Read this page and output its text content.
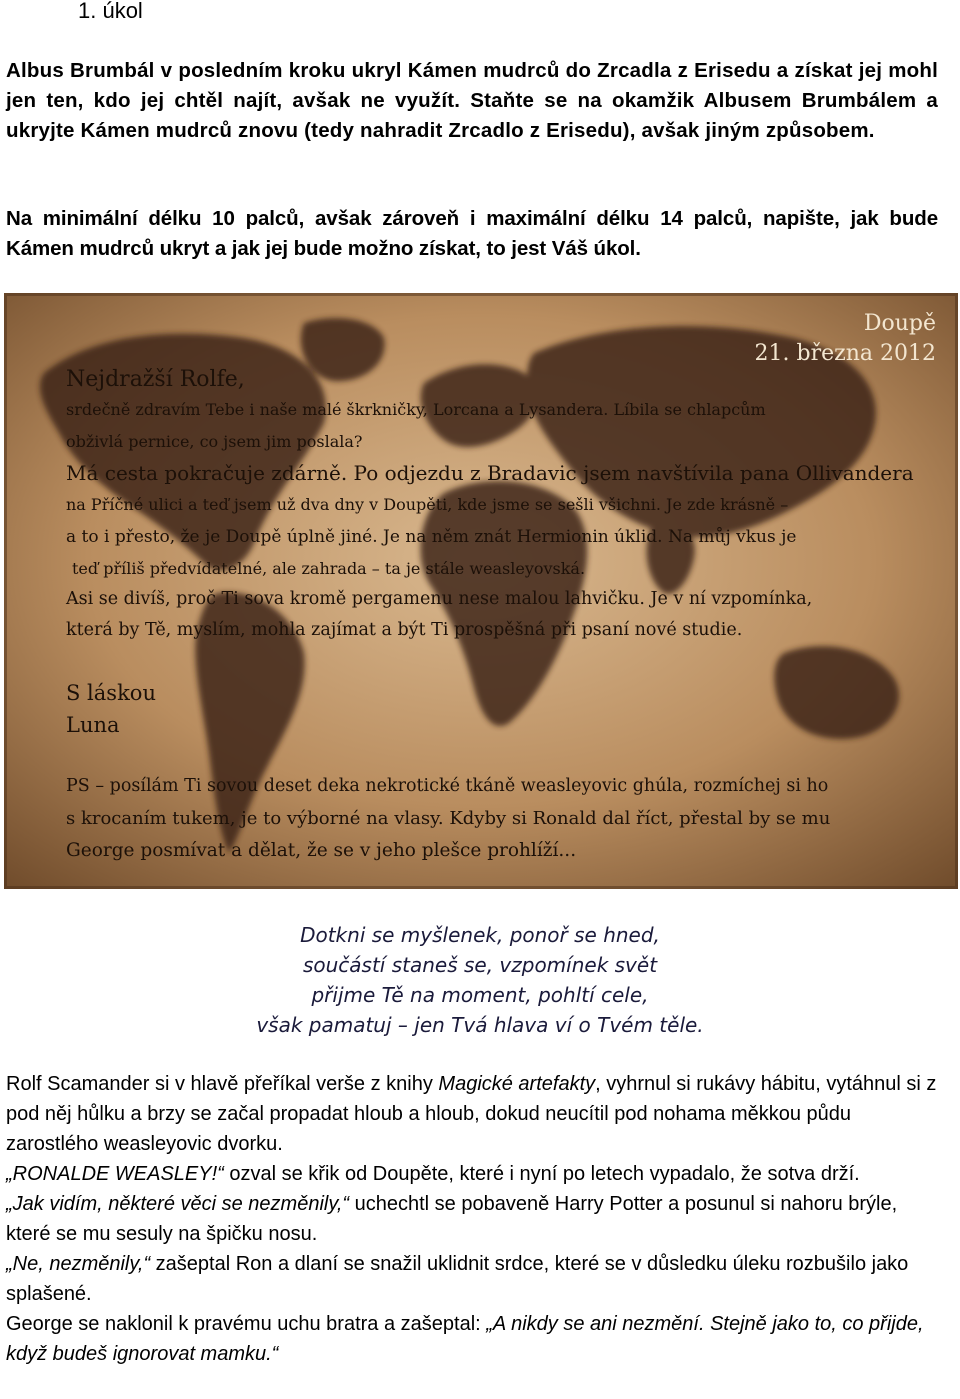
1. úkol
Albus Brumbál v posledním kroku ukryl Kámen mudrců do Zrcadla z Erisedu a získat jej mohl jen ten, kdo jej chtěl najít, avšak ne využít. Staňte se na okamžik Albusem Brumbálem a ukryjte Kámen mudrců znovu (tedy nahradit Zrcadlo z Erisedu), avšak jiným způsobem.
Na minimální délku 10 palců, avšak zároveň i maximální délku 14 palců, napište, jak bude Kámen mudrců ukryt a jak jej bude možno získat, to jest Váš úkol.
Doupě
21. března 2012
Nejdražší Rolfe,
srdečně zdravím Tebe i naše malé škrkničky, Lorcana a Lysandera. Líbila se chlapcům
obživlá pernice, co jsem jim poslala?
Má cesta pokračuje zdárně. Po odjezdu z Bradavic jsem navštívila pana Ollivandera
na Příčné ulici a teď jsem už dva dny v Doupěti, kde jsme se sešli všichni. Je zde krásně –
a to i přesto, že je Doupě úplně jiné. Je na něm znát Hermionin úklid. Na můj vkus je
teď příliš předvídatelné, ale zahrada – ta je stále weasleyovská.
Asi se divíš, proč Ti sova kromě pergamenu nese malou lahvičku. Je v ní vzpomínka,
která by Tě, myslím, mohla zajímat a být Ti prospěšná při psaní nové studie.
S láskou
Luna
PS – posílám Ti sovou deset deka nekrotické tkáně weasleyovic ghúla, rozmíchej si ho
s krocaním tukem, je to výborné na vlasy. Kdyby si Ronald dal říct, přestal by se mu
George posmívat a dělat, že se v jeho plešce prohlíží...
Dotkni se myšlenek, ponoř se hned,
součástí staneš se, vzpomínek svět
přijme Tě na moment, pohltí cele,
však pamatuj – jen Tvá hlava ví o Tvém těle.

Rolf Scamander si v hlavě přeříkal verše z knihy Magické artefakty, vyhrnul si rukávy hábitu, vytáhnul si z pod něj hůlku a brzy se začal propadat hloub a hloub, dokud neucítil pod nohama měkkou půdu zarostlého weasleyovic dvorku.

„RONALDE WEASLEY!“ ozval se křik od Doupěte, které i nyní po letech vypadalo, že sotva drží.

„Jak vidím, některé věci se nezměnily,“ uchechtl se pobaveně Harry Potter a posunul si nahoru brýle, které se mu sesuly na špičku nosu.

„Ne, nezměnily,“ zašeptal Ron a dlaní se snažil uklidnit srdce, které se v důsledku úleku rozbušilo jako splašené.

George se naklonil k pravému uchu bratra a zašeptal: „A nikdy se ani nezmění. Stejně jako to, co přijde, když budeš ignorovat mamku.“
